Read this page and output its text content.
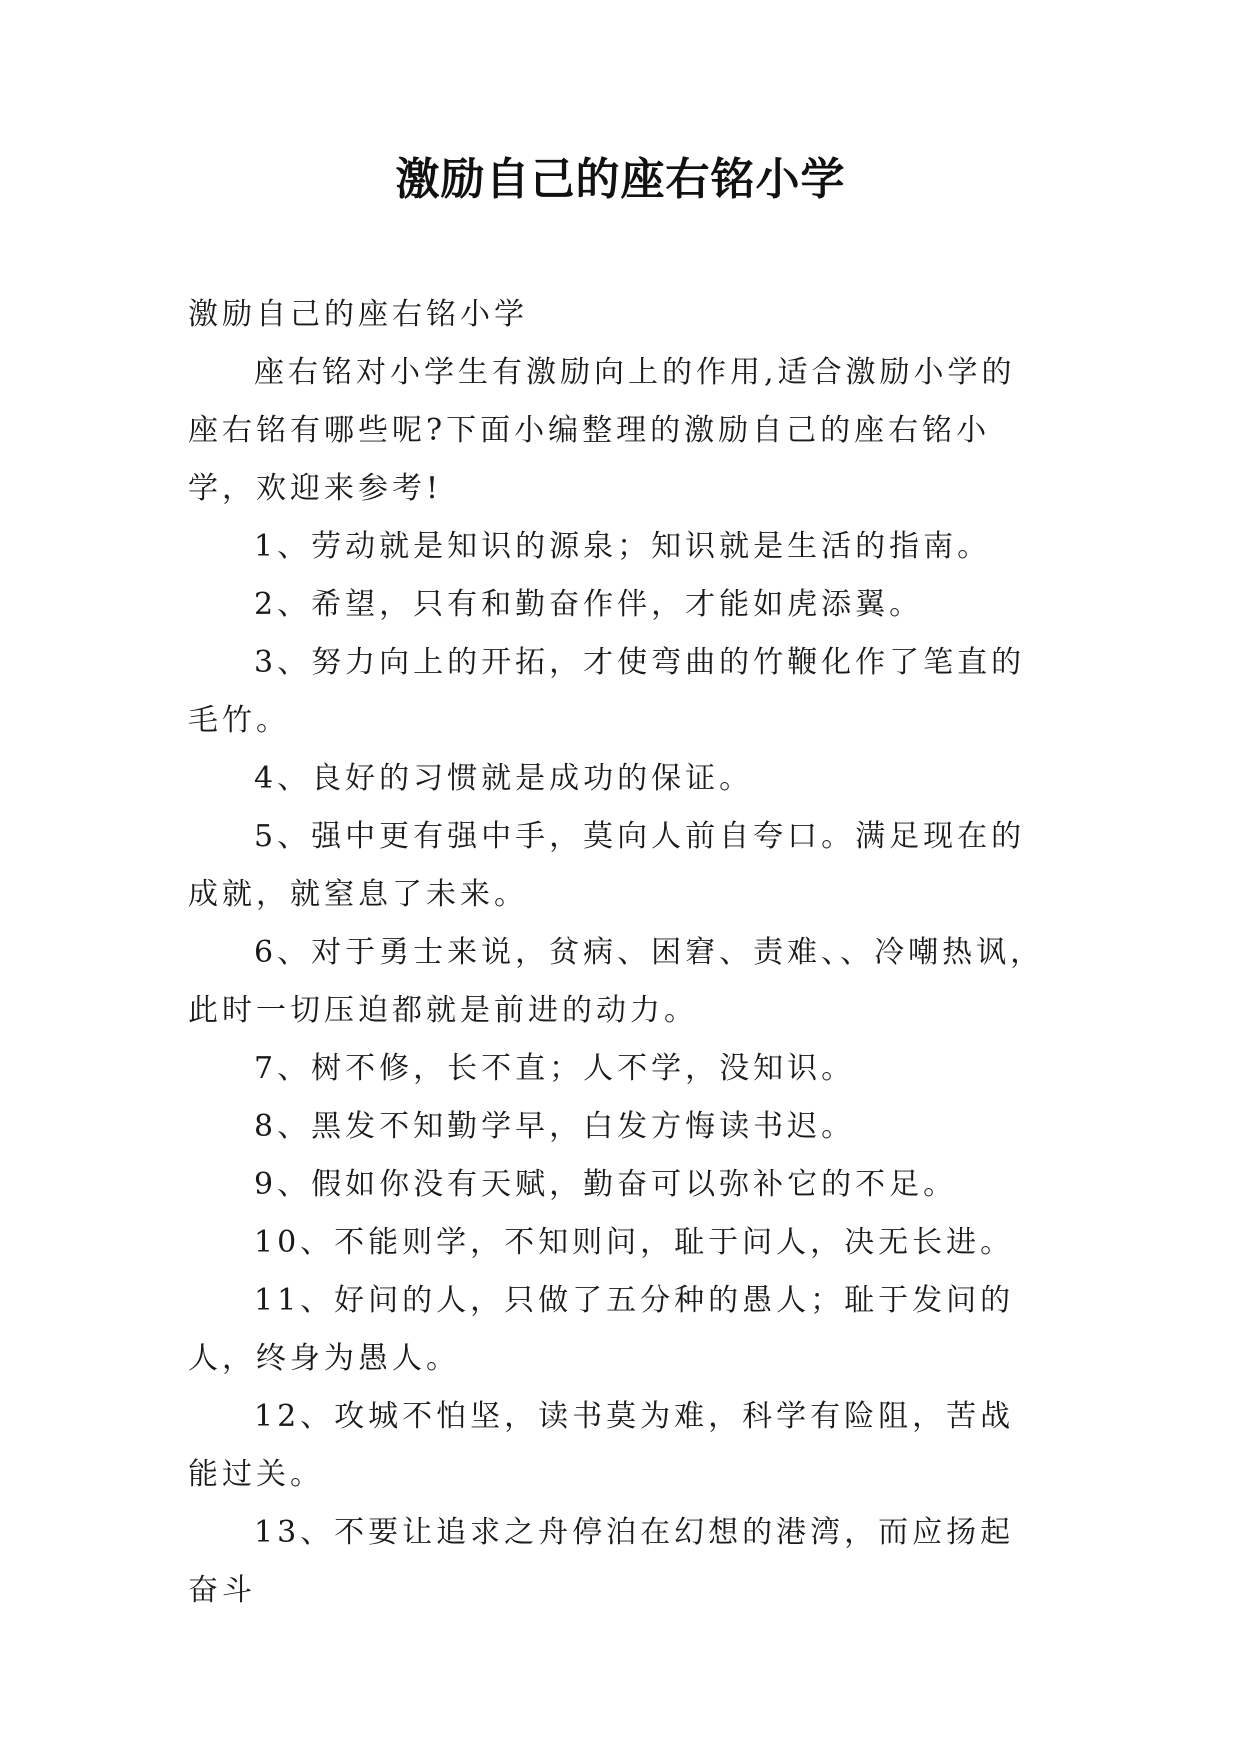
激励自己的座右铭小学

激励自己的座右铭小学

座右铭对小学生有激励向上的作用,适合激励小学的座右铭有哪些呢?下面小编整理的激励自己的座右铭小学，欢迎来参考!

1、劳动就是知识的源泉；知识就是生活的指南。

2、希望，只有和勤奋作伴，才能如虎添翼。

3、努力向上的开拓，才使弯曲的竹鞭化作了笔直的毛竹。

4、良好的习惯就是成功的保证。

5、强中更有强中手，莫向人前自夸口。满足现在的成就，就窒息了未来。

6、对于勇士来说，贫病、困窘、责难、、冷嘲热讽，此时一切压迫都就是前进的动力。

7、树不修，长不直；人不学，没知识。

8、黑发不知勤学早，白发方悔读书迟。

9、假如你没有天赋，勤奋可以弥补它的不足。

10、不能则学，不知则问，耻于问人，决无长进。

11、好问的人，只做了五分种的愚人；耻于发问的人，终身为愚人。

12、攻城不怕坚，读书莫为难，科学有险阻，苦战能过关。

13、不要让追求之舟停泊在幻想的港湾，而应扬起奋斗
